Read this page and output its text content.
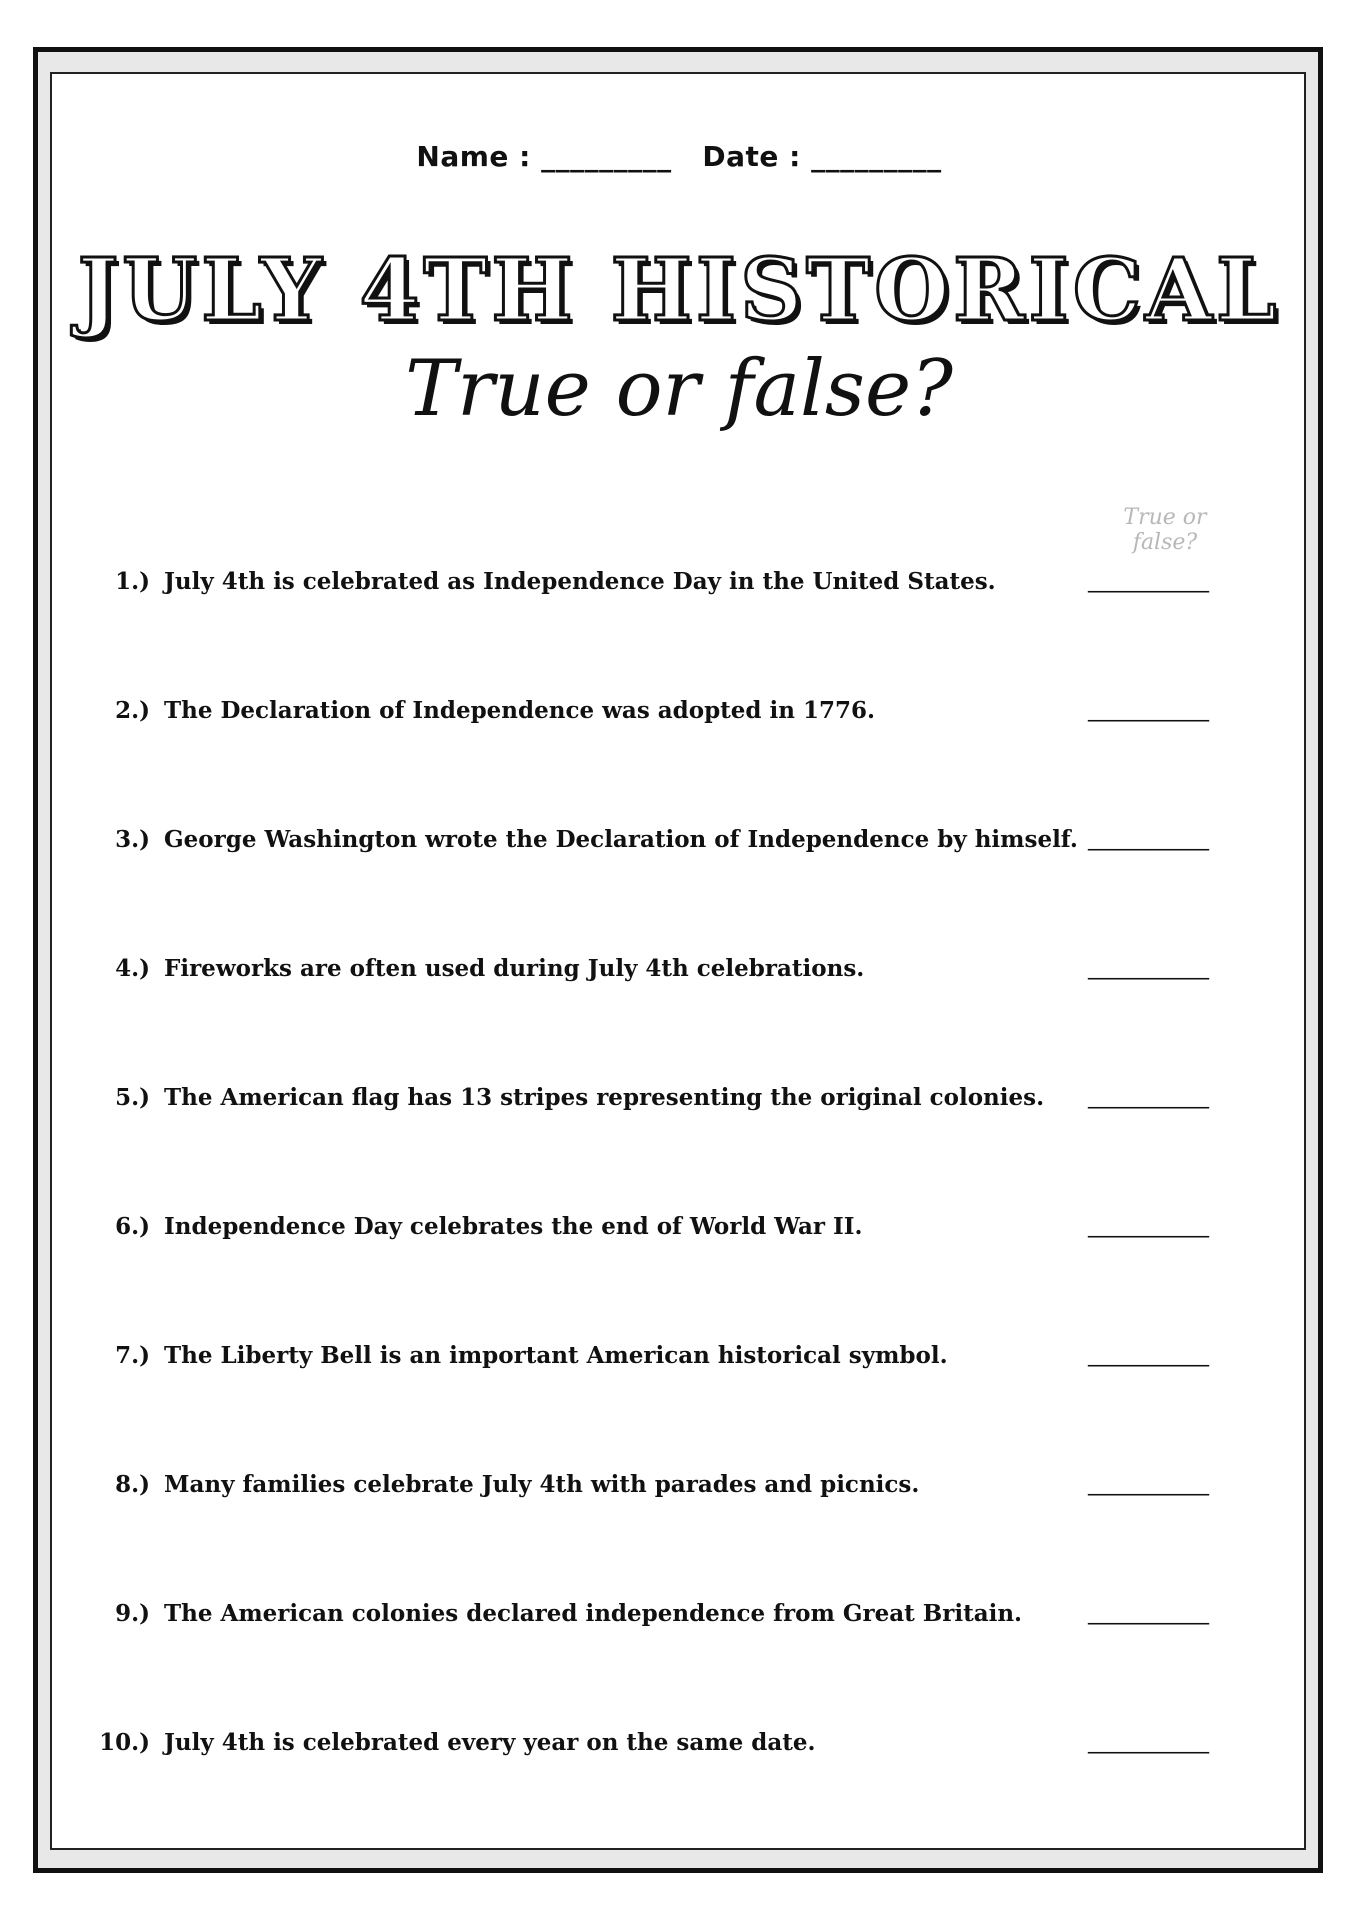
Name : _________ Date : _________
JULY 4TH HISTORICAL
True or false?
True or false?
1.) July 4th is celebrated as Independence Day in the United States.	___________
2.) The Declaration of Independence was adopted in 1776.	___________
3.) George Washington wrote the Declaration of Independence by himself. ___________
4.) Fireworks are often used during July 4th celebrations.	___________
5.) The American flag has 13 stripes representing the original colonies. ___________
6.) Independence Day celebrates the end of World War II.	___________
7.) The Liberty Bell is an important American historical symbol.	___________
8.) Many families celebrate July 4th with parades and picnics.	___________
9.) The American colonies declared independence from Great Britain.	___________
10.) July 4th is celebrated every year on the same date.	___________
